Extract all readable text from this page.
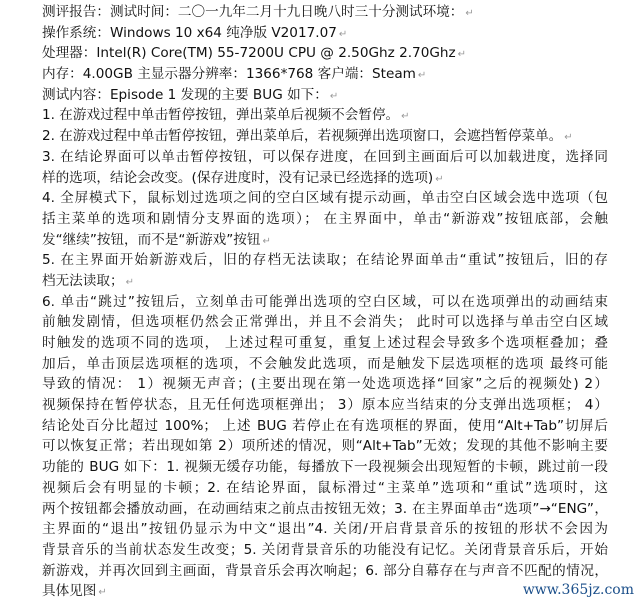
测评报告：测试时间：二〇一九年二月十九日晚八时三十分测试环境： ↵
操作系统：Windows 10 x64 纯净版 V2017.07 ↵
处理器：Intel(R) Core(TM) 55-7200U CPU @ 2.50Ghz 2.70Ghz ↵
内存：4.00GB 主显示器分辨率：1366*768 客户端：Steam ↵
测试内容：Episode 1 发现的主要 BUG 如下： ↵
1. 在游戏过程中单击暂停按钮，弹出菜单后视频不会暂停。 ↵
2. 在游戏过程中单击暂停按钮，弹出菜单后，若视频弹出选项窗口，会遮挡暂停菜单。 ↵
3. 在结论界面可以单击暂停按钮，可以保存进度，在回到主画面后可以加载进度，选择同
样的选项，结论会改变。(保存进度时，没有记录已经选择的选项) ↵
4. 全屏模式下，鼠标划过选项之间的空白区域有提示动画，单击空白区域会选中选项（包
括主菜单的选项和剧情分支界面的选项）； 在主界面中，单击“新游戏”按钮底部，会触
发“继续”按钮，而不是“新游戏”按钮 ↵
5. 在主界面开始新游戏后，旧的存档无法读取；在结论界面单击“重试”按钮后，旧的存
档无法读取； ↵
6. 单击“跳过”按钮后，立刻单击可能弹出选项的空白区域，可以在选项弹出的动画结束
前触发剧情，但选项框仍然会正常弹出，并且不会消失； 此时可以选择与单击空白区域
时触发的选项不同的选项， 上述过程可重复，重复上述过程会导致多个选项框叠加；叠
加后，单击顶层选项框的选项，不会触发此选项，而是触发下层选项框的选项 最终可能
导致的情况： 1）视频无声音；(主要出现在第一处选项选择“回家”之后的视频处) 2）
视频保持在暂停状态，且无任何选项框弹出； 3）原本应当结束的分支弹出选项框； 4）
结论处百分比超过 100%； 上述 BUG 若停止在有选项框的界面，使用“Alt+Tab”切屏后
可以恢复正常；若出现如第 2）项所述的情况，则“Alt+Tab”无效；发现的其他不影响主要
功能的 BUG 如下：1. 视频无缓存功能，每播放下一段视频会出现短暂的卡顿，跳过前一段
视频后会有明显的卡顿；2. 在结论界面，鼠标滑过“主菜单”选项和“重试”选项时，这
两个按钮都会播放动画，在动画结束之前点击按钮无效；3. 在主界面单击“选项”→“ENG”，
主界面的“退出”按钮仍显示为中文“退出”4. 关闭/开启背景音乐的按钮的形状不会因为
背景音乐的当前状态发生改变；5. 关闭背景音乐的功能没有记忆。关闭背景音乐后，开始
新游戏，并再次回到主画面，背景音乐会再次响起；6. 部分自幕存在与声音不匹配的情况，
具体见图 ↵	www.365jz.com
